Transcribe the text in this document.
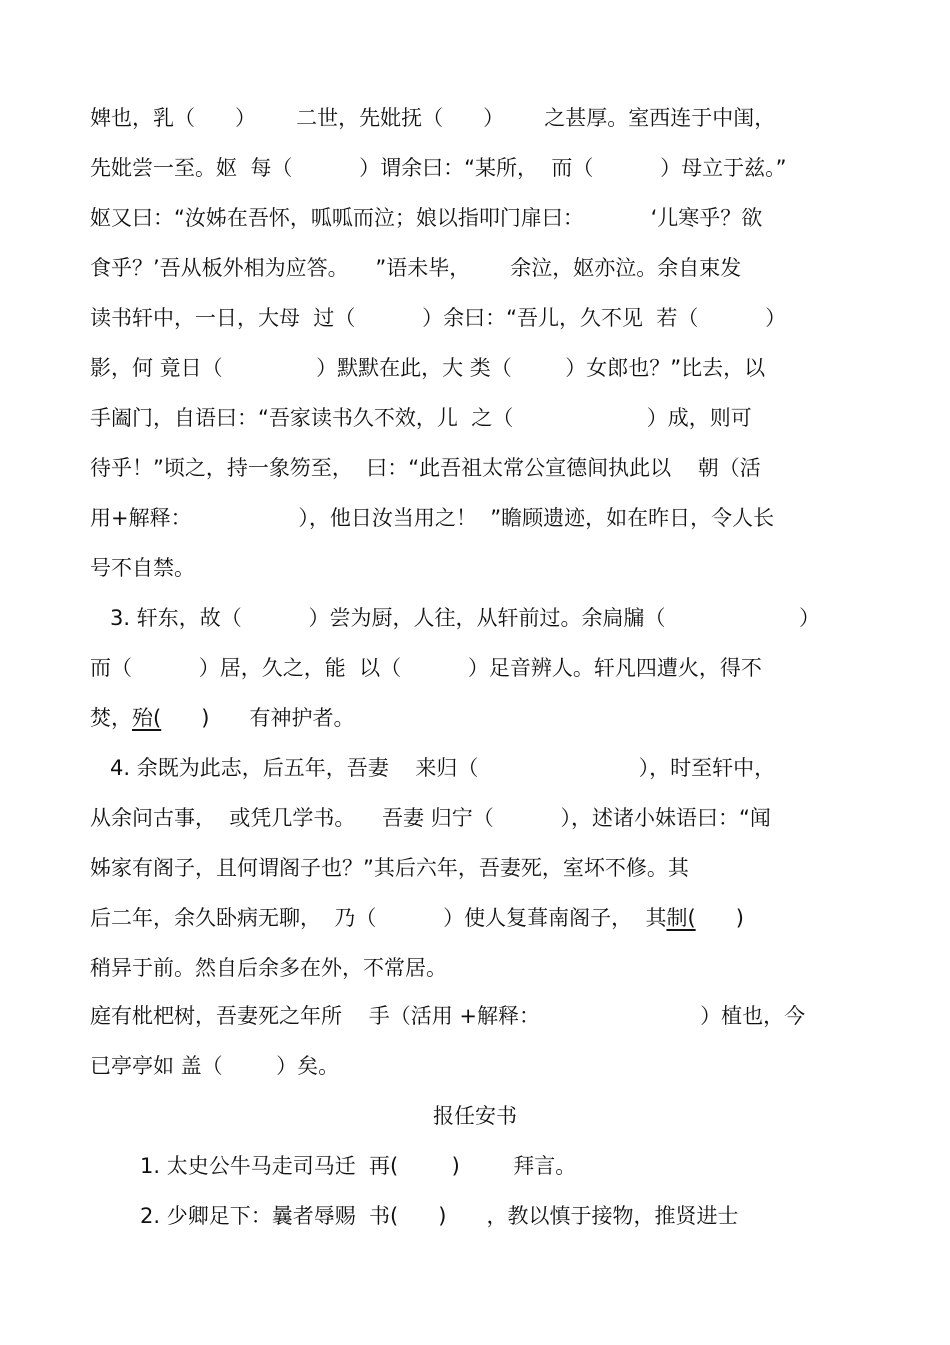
婢也，乳（      ）      二世，先妣抚（      ）      之甚厚。室西连于中闺，
先妣尝一至。妪  每（          ）谓余曰：“某所，  而（          ）母立于兹。”
妪又曰：“汝姊在吾怀，呱呱而泣；娘以指叩门扉曰：          ‘儿寒乎？欲
食乎？’吾从板外相为应答。    ”语未毕，      余泣，妪亦泣。余自束发
读书轩中，一日，大母  过（          ）余曰：“吾儿，久不见  若（          ）
影，何 竟日（              ）默默在此，大 类（        ）女郎也？”比去，以
手阖门，自语曰：“吾家读书久不效，儿  之（                    ）成，则可
待乎！”顷之，持一象笏至，  曰：“此吾祖太常公宣德间执此以    朝（活
用+解释：                ），他日汝当用之！  ”瞻顾遗迹，如在昨日，令人长
号不自禁。
3. 轩东，故（          ）尝为厨，人往，从轩前过。余扃牖（                    ）
而（          ）居，久之，能  以（          ）足音辨人。轩凡四遭火，得不
焚，殆(      )      有神护者。
4. 余既为此志，后五年，吾妻    来归（                        ），时至轩中，
从余问古事，  或凭几学书。    吾妻 归宁（          ），述诸小妹语曰：“闻
姊家有阁子，且何谓阁子也？”其后六年，吾妻死，室坏不修。其
后二年，余久卧病无聊，  乃（          ）使人复葺南阁子，  其制(      )
稍异于前。然自后余多在外，不常居。
庭有枇杷树，吾妻死之年所    手（活用 +解释：                        ）植也，今
已亭亭如 盖（        ）矣。
报任安书
1. 太史公牛马走司马迁  再(        )        拜言。
2. 少卿足下：曩者辱赐  书(      )      ，教以慎于接物，推贤进士
